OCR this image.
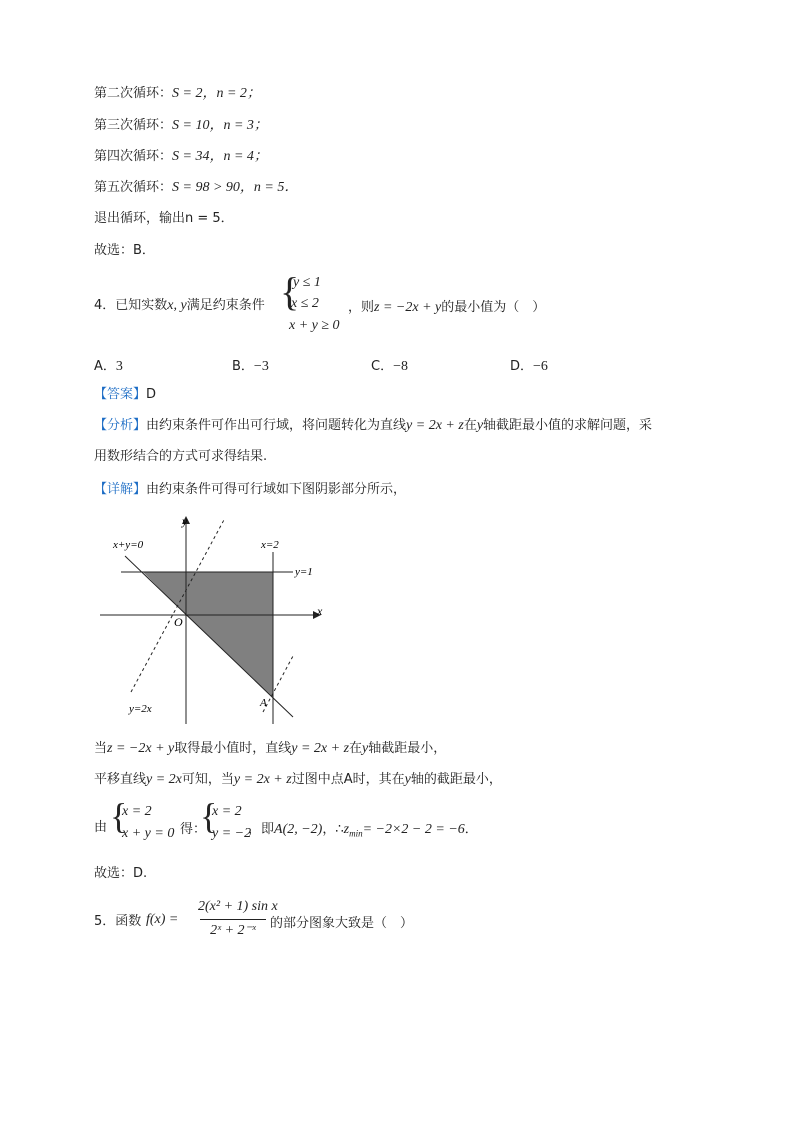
第二次循环：S = 2，n = 2；
第三次循环：S = 10，n = 3；
第四次循环：S = 34，n = 4；
第五次循环：S = 98 > 90，n = 5．
退出循环，输出n = 5．
故选：B．
4．已知实数x, y满足约束条件 {
y ≤ 1
x ≤ 2
x + y ≥ 0
，则z = −2x + y的最小值为（　）
A．3	B．−3	C．−8	D．−6
【答案】D
【分析】由约束条件可作出可行域，将问题转化为直线y = 2x + z在y轴截距最小值的求解问题，采
用数形结合的方式可求得结果.
【详解】由约束条件可得可行域如下图阴影部分所示，
y
x
O
x+y=0	x=2
y=1
y=2x	A
当z = −2x + y取得最小值时，直线y = 2x + z在y轴截距最小，
平移直线y = 2x可知，当y = 2x + z过图中点A时，其在y轴的截距最小，
由 {
x = 2
x + y = 0 得：
{
x = 2
y = −2
，即A(2, −2)，$\therefore z_{min}= -2\times 2 - 2 = -6$．
故选：D.
5．函数 f(x) =
2(x² + 1) sin x
2ˣ + 2⁻ˣ	的部分图象大致是（　）
